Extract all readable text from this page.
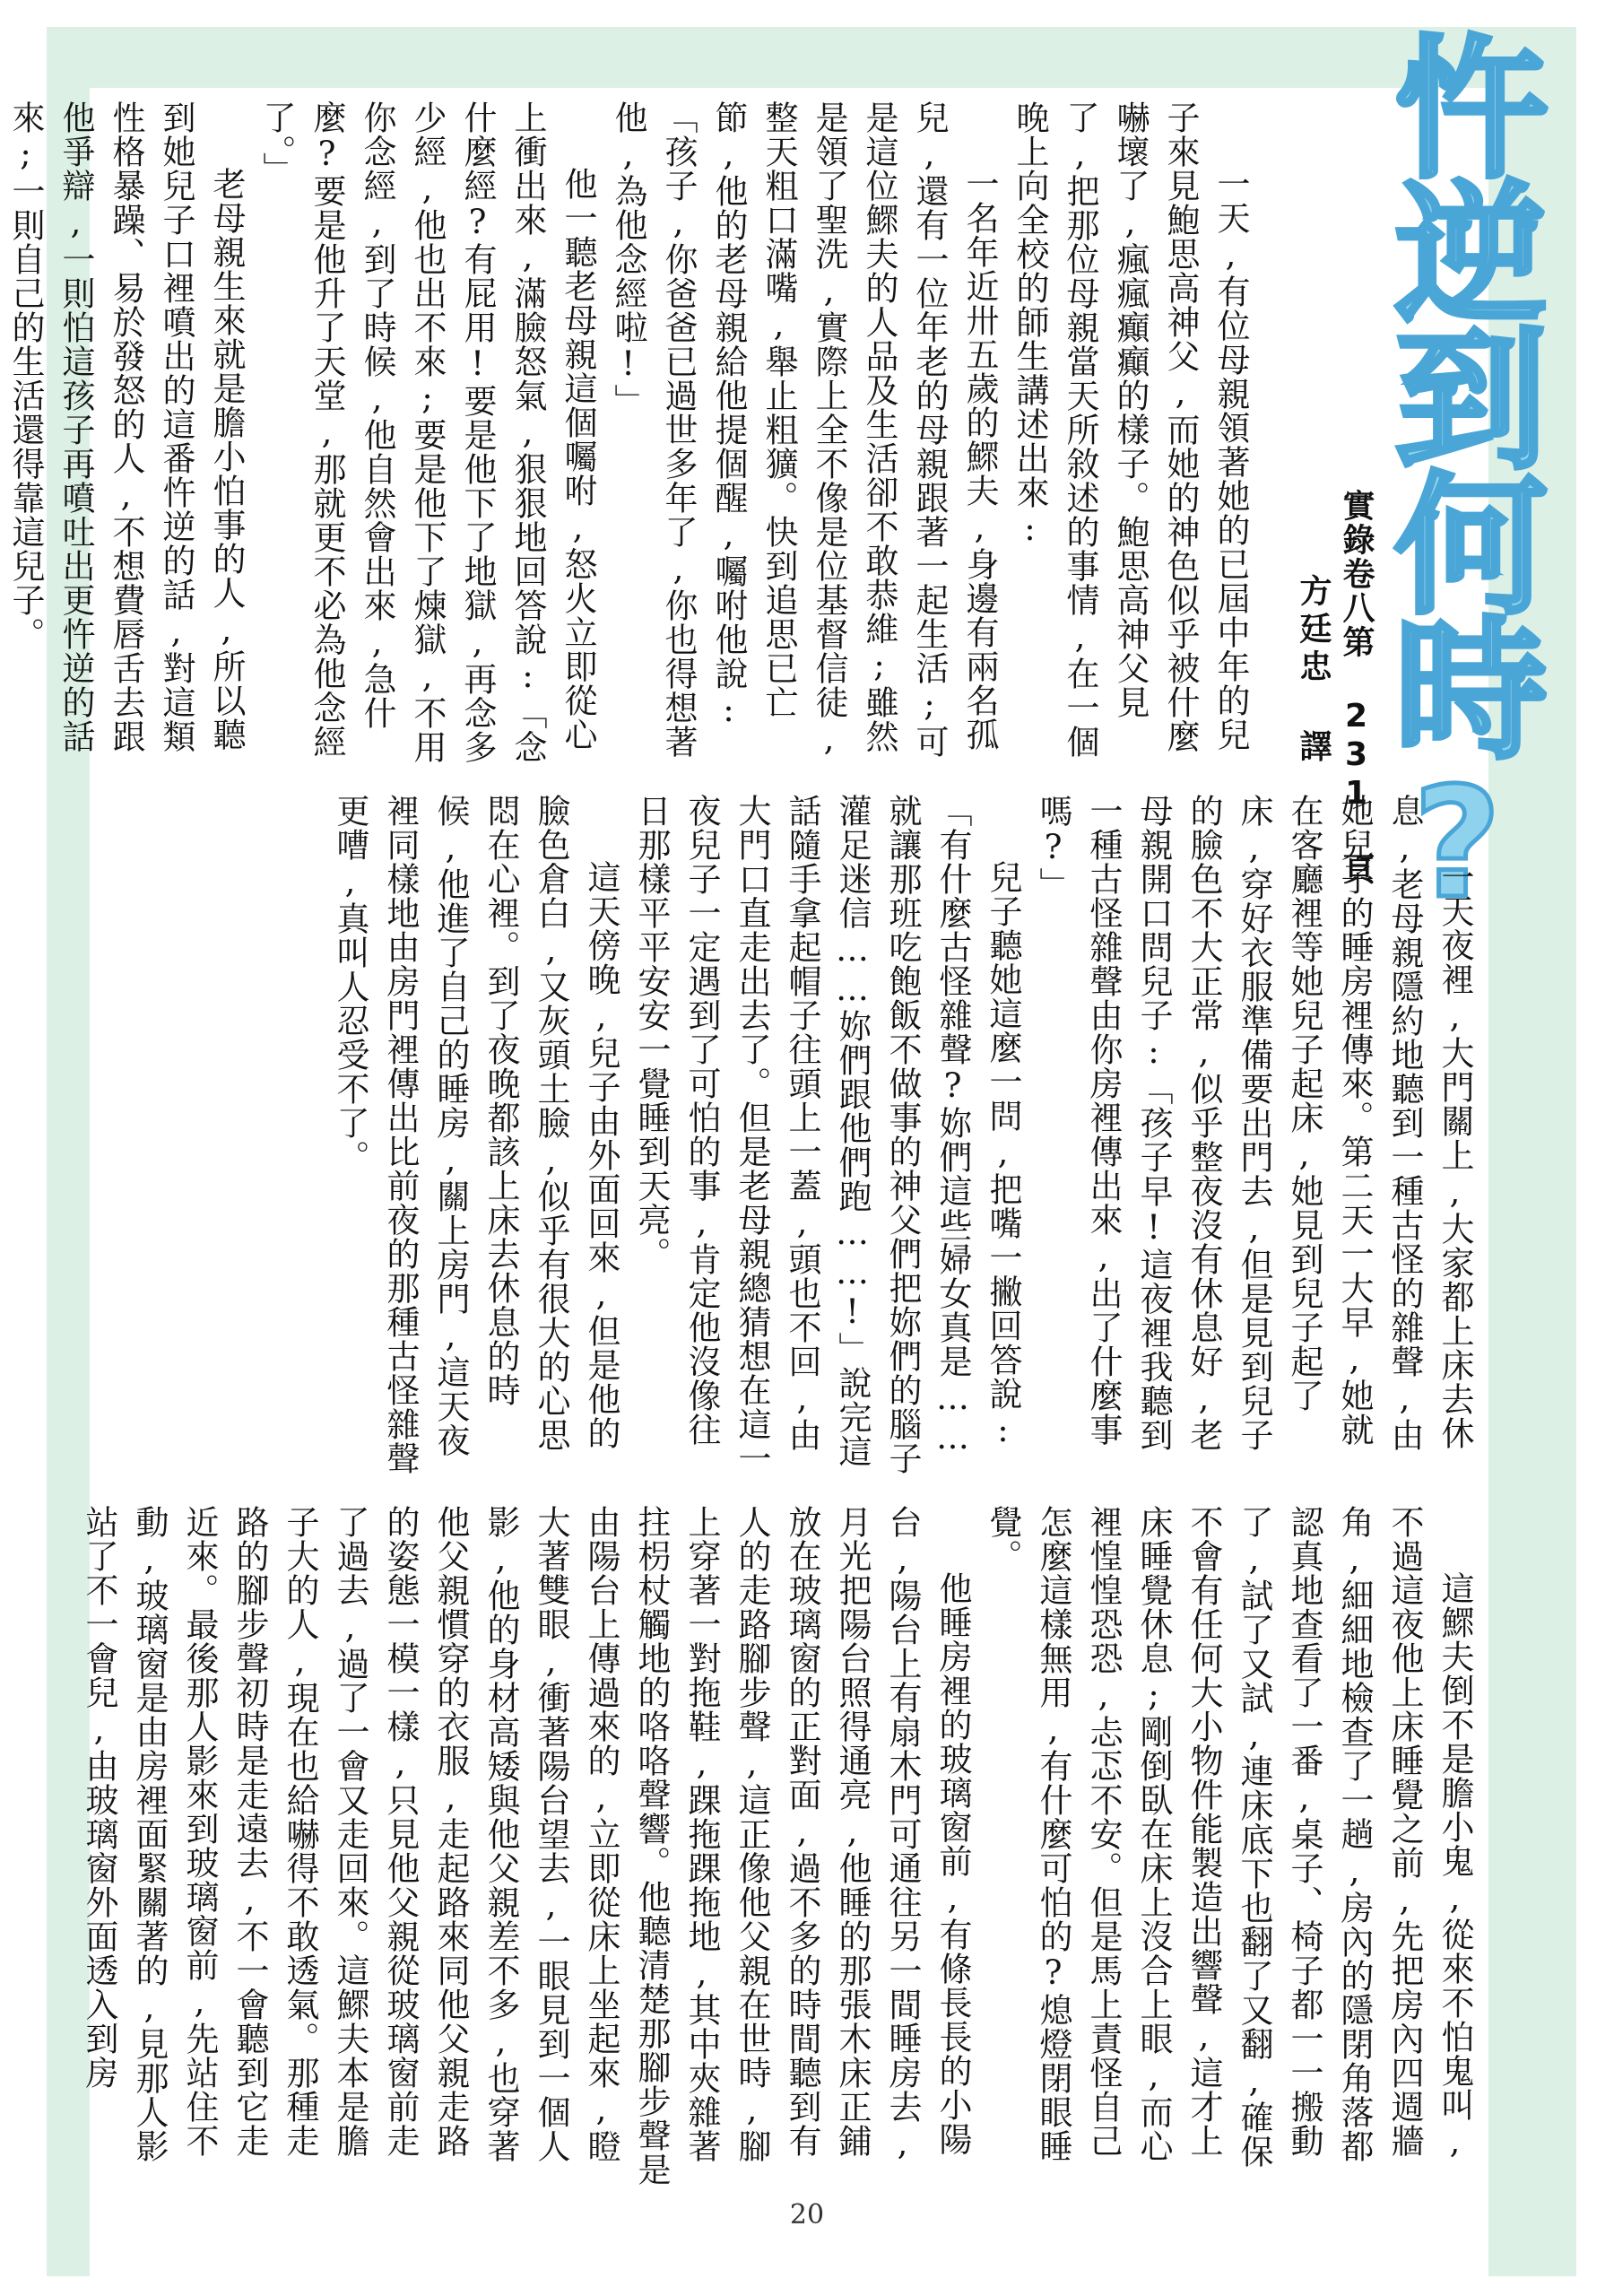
忤逆到何時?
實錄卷八第 231 頁
方廷忠 譯

一天,有位母親領著她的已屆中年的兒子來見鮑思高神父,而她的神色似乎被什麼嚇壞了,瘋瘋癲癲的樣子。鮑思高神父見了,把那位母親當天所敘述的事情,在一個晚上向全校的師生講述出來:

一名年近卅五歲的鰥夫,身邊有兩名孤兒,還有一位年老的母親跟著一起生活;可是這位鰥夫的人品及生活卻不敢恭維;雖然是領了聖洗,實際上全不像是位基督信徒,整天粗口滿嘴,舉止粗獷。快到追思已亡節,他的老母親給他提個醒,囑咐他說:「孩子,你爸爸已過世多年了,你也得想著他,為他念經啦!」

他一聽老母親這個囑咐,怒火立即從心上衝出來,滿臉怒氣,狠狠地回答說:「念什麼經?有屁用!要是他下了地獄,再念多少經,他也出不來;要是他下了煉獄,不用你念經,到了時候,他自然會出來,急什麼?要是他升了天堂,那就更不必為他念經了。」

老母親生來就是膽小怕事的人,所以聽到她兒子口裡噴出的這番忤逆的話,對這類性格暴躁、易於發怒的人,不想費唇舌去跟他爭辯,一則怕這孩子再噴吐出更忤逆的話來;一則自己的生活還得靠這兒子。

一天夜裡,大門關上,大家都上床去休息,老母親隱約地聽到一種古怪的雜聲,由她兒子的睡房裡傳來。第二天一大早,她就在客廳裡等她兒子起床,她見到兒子起了床,穿好衣服準備要出門去,但是見到兒子的臉色不大正常,似乎整夜沒有休息好,老母親開口問兒子:「孩子早!這夜裡我聽到一種古怪雜聲由你房裡傳出來,出了什麼事嗎?」

兒子聽她這麼一問,把嘴一撇回答說:「有什麼古怪雜聲?妳們這些婦女真是……就讓那班吃飽飯不做事的神父們把妳們的腦子灌足迷信……妳們跟他們跑……!」說完這話隨手拿起帽子往頭上一蓋,頭也不回,由大門口直走出去了。但是老母親總猜想在這一夜兒子一定遇到了可怕的事,肯定他沒像往日那樣平平安安一覺睡到天亮。

這天傍晚,兒子由外面回來,但是他的臉色倉白,又灰頭土臉,似乎有很大的心思悶在心裡。到了夜晚都該上床去休息的時候,他進了自己的睡房,關上房門,這天夜裡同樣地由房門裡傳出比前夜的那種古怪雜聲更嘈,真叫人忍受不了。

這鰥夫倒不是膽小鬼,從來不怕鬼叫,不過這夜他上床睡覺之前,先把房內四週牆角,細細地檢查了一趟,房內的隱閉角落都認真地查看了一番,桌子、椅子都一一搬動了,試了又試,連床底下也翻了又翻,確保不會有任何大小物件能製造出響聲,這才上床睡覺休息;剛倒臥在床上沒合上眼,而心裡惶惶恐恐,忐忑不安。但是馬上責怪自己怎麼這樣無用,有什麼可怕的?熄燈閉眼睡覺。

他睡房裡的玻璃窗前,有條長長的小陽台,陽台上有扇木門可通往另一間睡房去,月光把陽台照得通亮,他睡的那張木床正鋪放在玻璃窗的正對面,過不多的時間聽到有人的走路腳步聲,這正像他父親在世時,腳上穿著一對拖鞋,踝拖踝拖地,其中夾雜著拄枴杖觸地的咯咯聲響。他聽清楚那腳步聲是由陽台上傳過來的,立即從床上坐起來,瞪大著雙眼,衝著陽台望去,一眼見到一個人影,他的身材高矮與他父親差不多,也穿著他父親慣穿的衣服,走起路來同他父親走路的姿態一模一樣,只見他父親從玻璃窗前走了過去,過了一會又走回來。這鰥夫本是膽子大的人,現在也給嚇得不敢透氣。那種走路的腳步聲初時是走遠去,不一會聽到它走近來。最後那人影來到玻璃窗前,先站住不動,玻璃窗是由房裡面緊關著的,見那人影站了不一會兒,由玻璃窗外面透入到房

20
